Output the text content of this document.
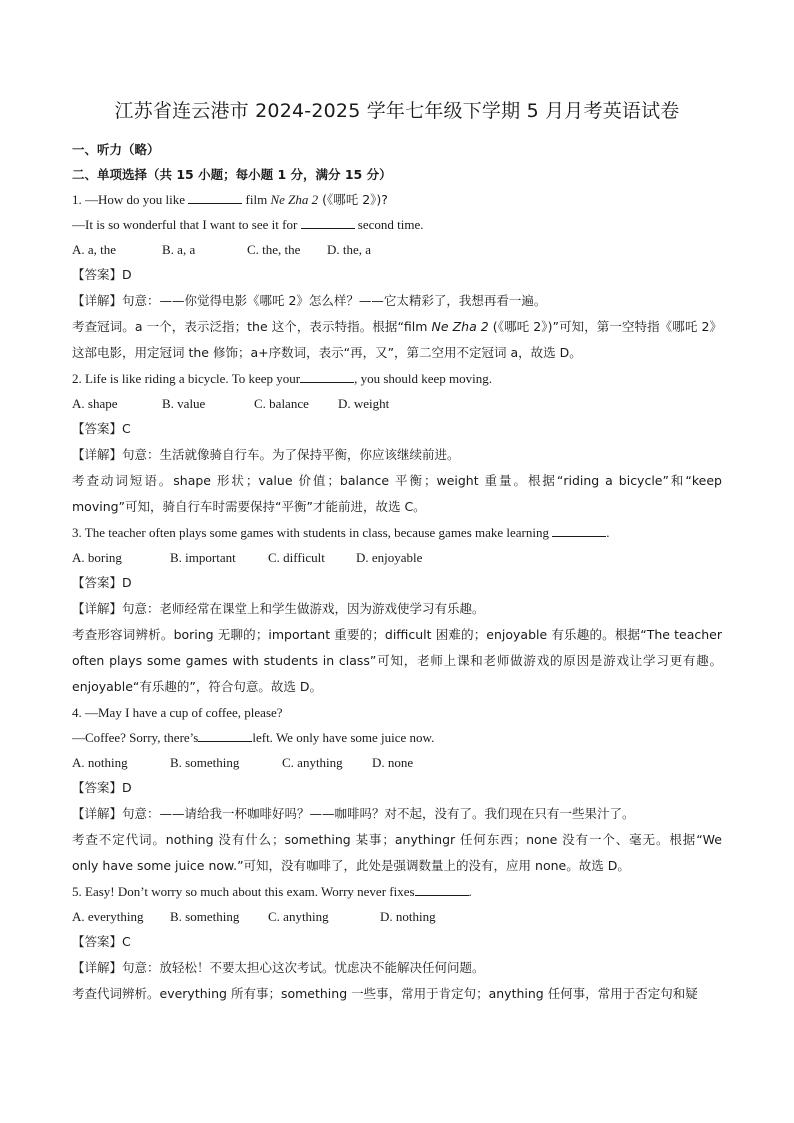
江苏省连云港市 2024-2025 学年七年级下学期 5 月月考英语试卷
一、听力（略）
二、单项选择（共 15 小题；每小题 1 分，满分 15 分）
1. —How do you like	film Ne Zha 2 (《哪吒 2》)?
—It is so wonderful that I want to see it for	second time.
A. a, the	B. a, a	C. the, the	D. the, a
【答案】D
【详解】句意：——你觉得电影《哪吒 2》怎么样？——它太精彩了，我想再看一遍。
考查冠词。a 一个，表示泛指；the 这个，表示特指。根据“film Ne Zha 2 (《哪吒 2》)”可知，第一空特指《哪吒 2》这部电影，用定冠词 the 修饰；a+序数词，表示“再，又”，第二空用不定冠词 a，故选 D。
2. Life is like riding a bicycle. To keep your	, you should keep moving.
A. shape	B. value	C. balance	D. weight
【答案】C
【详解】句意：生活就像骑自行车。为了保持平衡，你应该继续前进。
考查动词短语。shape 形状；value 价值；balance 平衡；weight 重量。根据“riding a bicycle”和“keep moving”可知，骑自行车时需要保持“平衡”才能前进，故选 C。
3. The teacher often plays some games with students in class, because games make learning	.
A. boring	B. important	C. difficult	D. enjoyable
【答案】D
【详解】句意：老师经常在课堂上和学生做游戏，因为游戏使学习有乐趣。
考查形容词辨析。boring 无聊的；important 重要的；difficult 困难的；enjoyable 有乐趣的。根据“The teacher often plays some games with students in class”可知，老师上课和老师做游戏的原因是游戏让学习更有趣。enjoyable“有乐趣的”，符合句意。故选 D。
4. —May I have a cup of coffee, please?
—Coffee? Sorry, there’s	left. We only have some juice now.
A. nothing	B. something	C. anything	D. none
【答案】D
【详解】句意：——请给我一杯咖啡好吗？——咖啡吗？对不起，没有了。我们现在只有一些果汁了。
考查不定代词。nothing 没有什么；something 某事；anythingr 任何东西；none 没有一个、毫无。根据“We only have some juice now.”可知，没有咖啡了，此处是强调数量上的没有，应用 none。故选 D。
5. Easy! Don’t worry so much about this exam. Worry never fixes	.
A. everything	B. something	C. anything	D. nothing
【答案】C
【详解】句意：放轻松！不要太担心这次考试。忧虑决不能解决任何问题。
考查代词辨析。everything 所有事；something 一些事，常用于肯定句；anything 任何事，常用于否定句和疑
